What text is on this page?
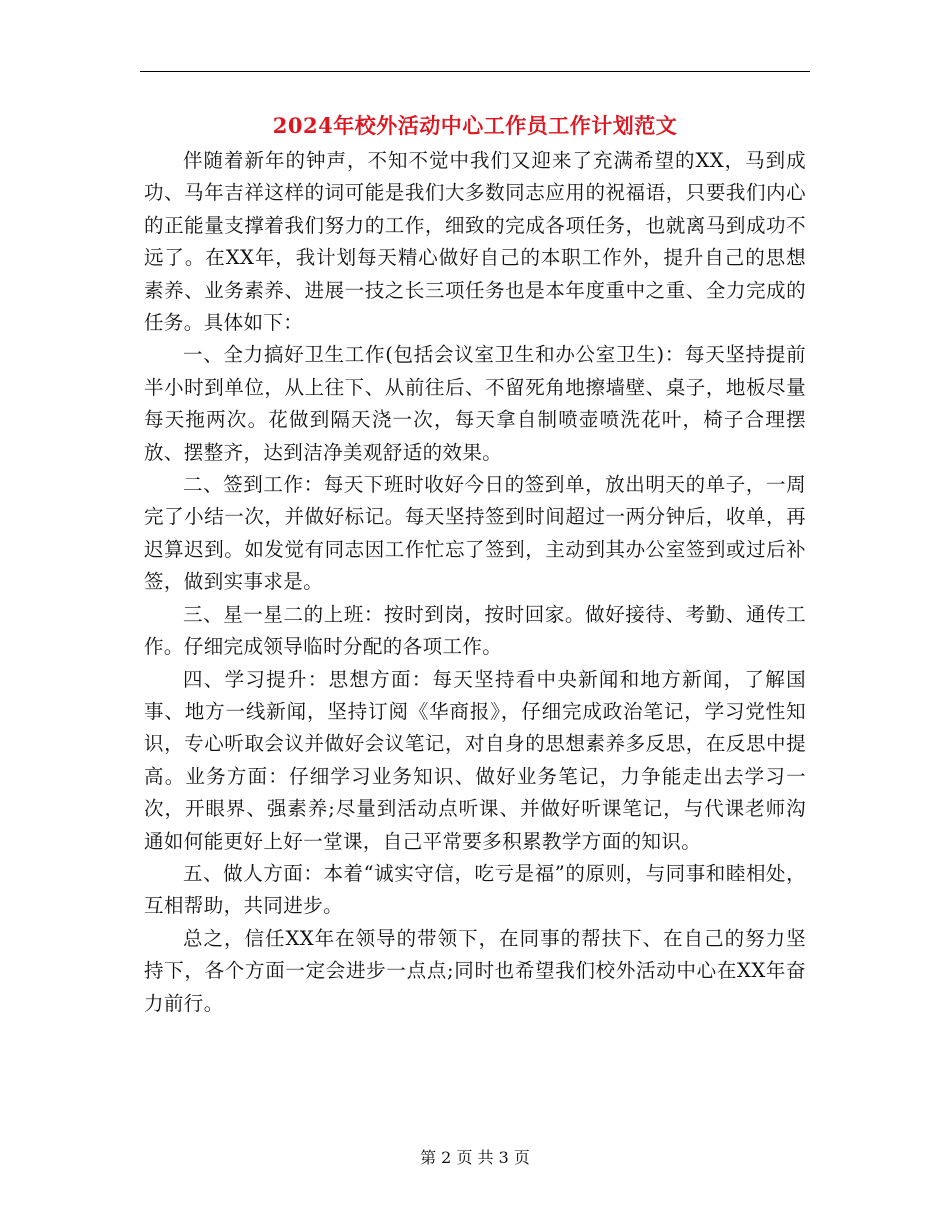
2024年校外活动中心工作员工作计划范文

伴随着新年的钟声，不知不觉中我们又迎来了充满希望的XX，马到成功、马年吉祥这样的词可能是我们大多数同志应用的祝福语，只要我们内心的正能量支撑着我们努力的工作，细致的完成各项任务，也就离马到成功不远了。在XX年，我计划每天精心做好自己的本职工作外，提升自己的思想素养、业务素养、进展一技之长三项任务也是本年度重中之重、全力完成的任务。具体如下：

一、全力搞好卫生工作(包括会议室卫生和办公室卫生)：每天坚持提前半小时到单位，从上往下、从前往后、不留死角地擦墙壁、桌子，地板尽量每天拖两次。花做到隔天浇一次，每天拿自制喷壶喷洗花叶，椅子合理摆放、摆整齐，达到洁净美观舒适的效果。

二、签到工作：每天下班时收好今日的签到单，放出明天的单子，一周完了小结一次，并做好标记。每天坚持签到时间超过一两分钟后，收单，再迟算迟到。如发觉有同志因工作忙忘了签到，主动到其办公室签到或过后补签，做到实事求是。

三、星一星二的上班：按时到岗，按时回家。做好接待、考勤、通传工作。仔细完成领导临时分配的各项工作。

四、学习提升：思想方面：每天坚持看中央新闻和地方新闻，了解国事、地方一线新闻，坚持订阅《华商报》，仔细完成政治笔记，学习党性知识，专心听取会议并做好会议笔记，对自身的思想素养多反思，在反思中提高。业务方面：仔细学习业务知识、做好业务笔记，力争能走出去学习一次，开眼界、强素养;尽量到活动点听课、并做好听课笔记，与代课老师沟通如何能更好上好一堂课，自己平常要多积累教学方面的知识。

五、做人方面：本着“诚实守信，吃亏是福”的原则，与同事和睦相处，互相帮助，共同进步。

总之，信任XX年在领导的带领下，在同事的帮扶下、在自己的努力坚持下，各个方面一定会进步一点点;同时也希望我们校外活动中心在XX年奋力前行。

第 2 页 共 3 页
